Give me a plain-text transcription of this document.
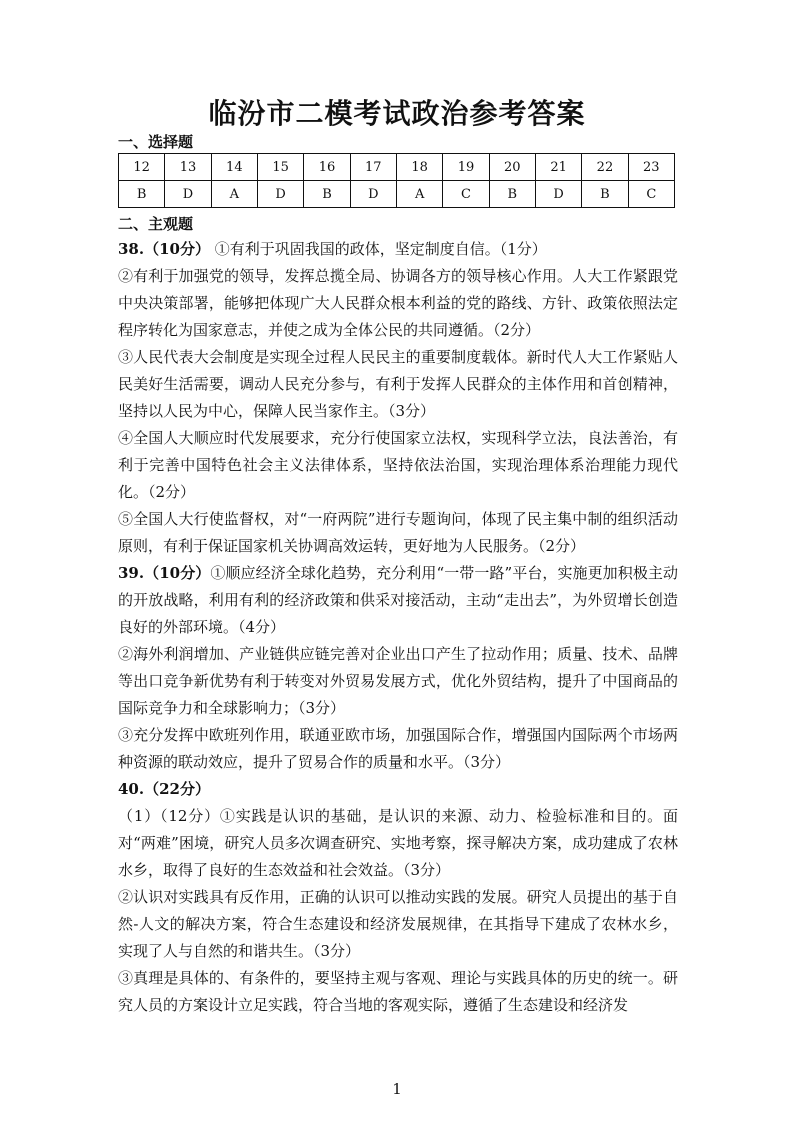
临汾市二模考试政治参考答案
一、选择题
12	13	14	15	16	17	18	19	20	21	22	23
B	D	A	D	B	D	A	C	B	D	B	C
二、主观题

38.（10分） ①有利于巩固我国的政体，坚定制度自信。（1分）

②有利于加强党的领导，发挥总揽全局、协调各方的领导核心作用。人大工作紧跟党中央决策部署，能够把体现广大人民群众根本利益的党的路线、方针、政策依照法定程序转化为国家意志，并使之成为全体公民的共同遵循。（2分）

③人民代表大会制度是实现全过程人民民主的重要制度载体。新时代人大工作紧贴人民美好生活需要，调动人民充分参与，有利于发挥人民群众的主体作用和首创精神，坚持以人民为中心，保障人民当家作主。（3分）

④全国人大顺应时代发展要求，充分行使国家立法权，实现科学立法，良法善治，有利于完善中国特色社会主义法律体系，坚持依法治国，实现治理体系治理能力现代化。（2分）

⑤全国人大行使监督权，对“一府两院”进行专题询问，体现了民主集中制的组织活动原则，有利于保证国家机关协调高效运转，更好地为人民服务。（2分）

39.（10分）①顺应经济全球化趋势，充分利用“一带一路”平台，实施更加积极主动的开放战略，利用有利的经济政策和供采对接活动，主动“走出去”，为外贸增长创造良好的外部环境。（4分）

②海外利润增加、产业链供应链完善对企业出口产生了拉动作用；质量、技术、品牌等出口竞争新优势有利于转变对外贸易发展方式，优化外贸结构，提升了中国商品的国际竞争力和全球影响力；（3分）

③充分发挥中欧班列作用，联通亚欧市场，加强国际合作，增强国内国际两个市场两种资源的联动效应，提升了贸易合作的质量和水平。（3分）

40.（22分）

（1）（12分）①实践是认识的基础，是认识的来源、动力、检验标准和目的。面对“两难”困境，研究人员多次调查研究、实地考察，探寻解决方案，成功建成了农林水乡，取得了良好的生态效益和社会效益。（3分）

②认识对实践具有反作用，正确的认识可以推动实践的发展。研究人员提出的基于自然-人文的解决方案，符合生态建设和经济发展规律，在其指导下建成了农林水乡，实现了人与自然的和谐共生。（3分）

③真理是具体的、有条件的，要坚持主观与客观、理论与实践具体的历史的统一。研究人员的方案设计立足实践，符合当地的客观实际，遵循了生态建设和经济发

1
